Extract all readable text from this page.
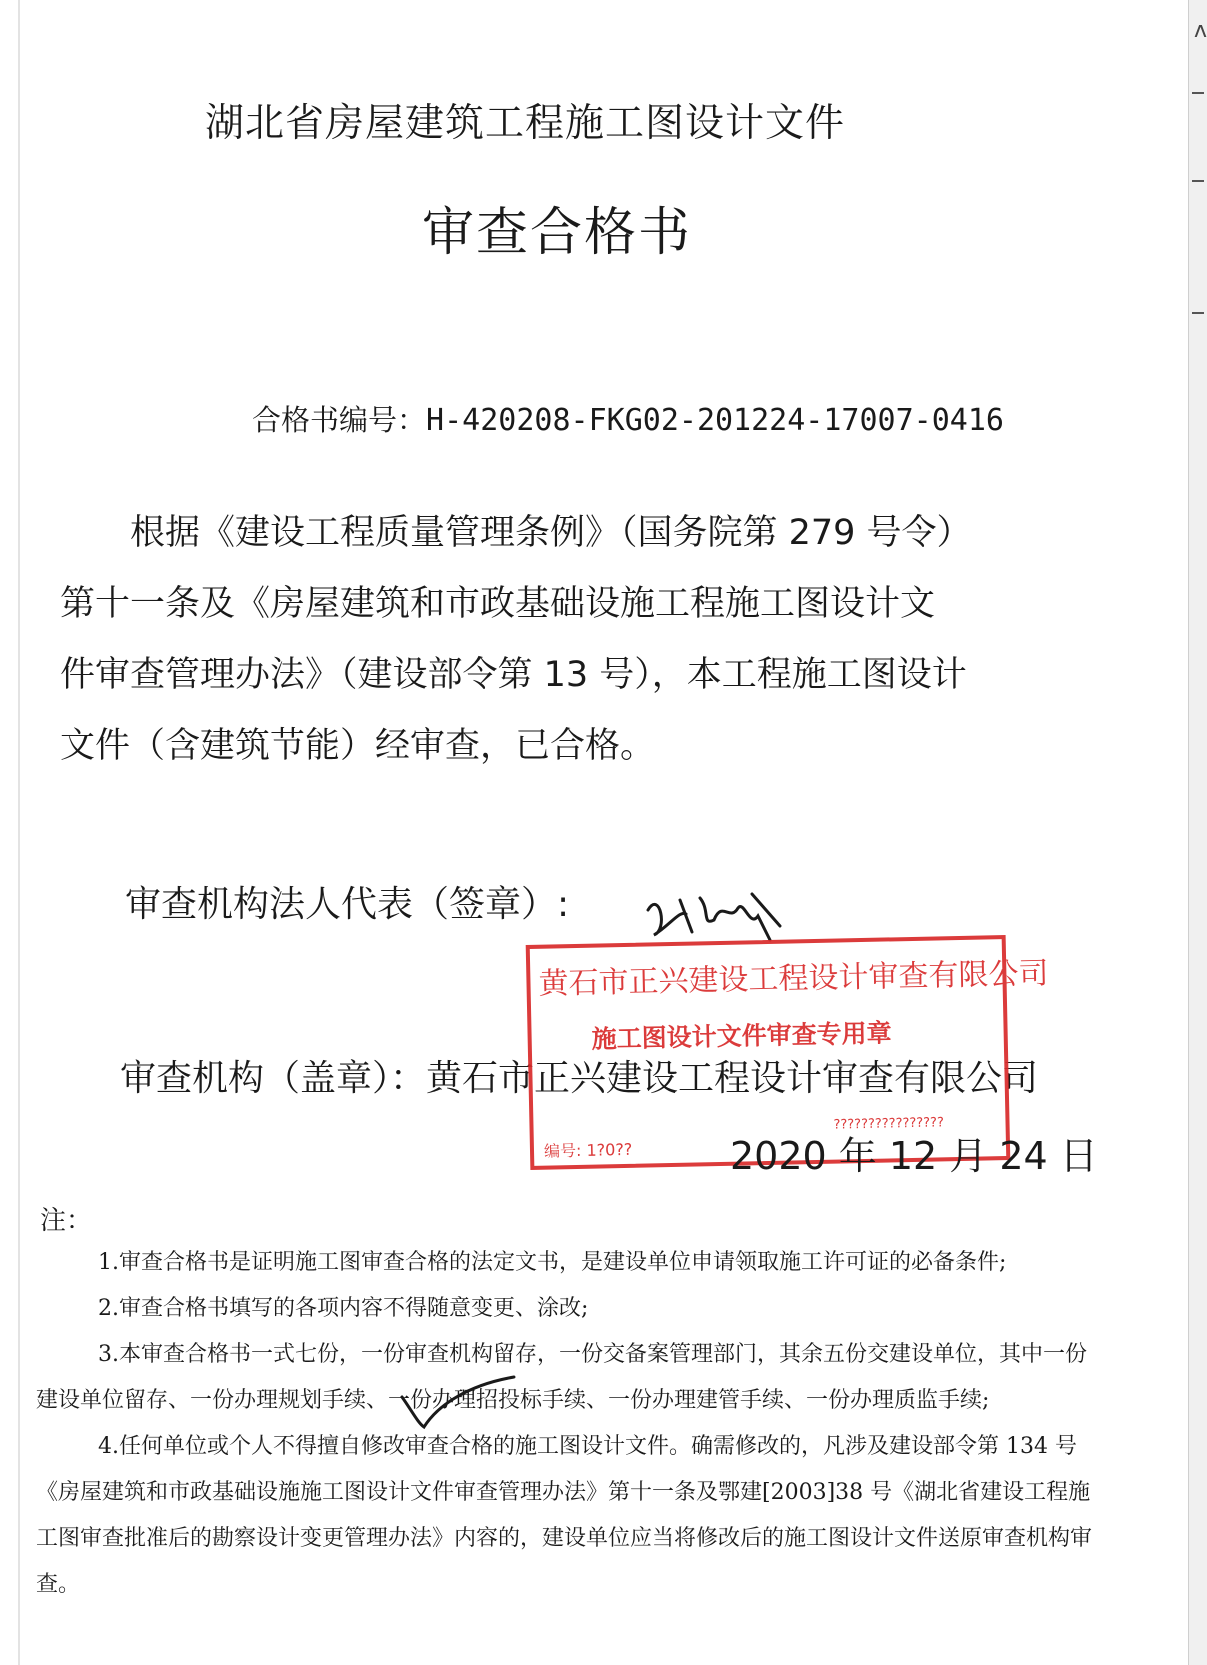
ʌ
湖北省房屋建筑工程施工图设计文件
审查合格书
合格书编号：H-420208-FKG02-201224-17007-0416
根据《建设工程质量管理条例》（国务院第 279 号令）
第十一条及《房屋建筑和市政基础设施工程施工图设计文
件审查管理办法》（建设部令第 13 号），本工程施工图设计
文件（含建筑节能）经审查，已合格。
审查机构法人代表（签章）:
审查机构（盖章）：黄石市正兴建设工程设计审查有限公司
黄石市正兴建设工程设计审查有限公司
施工图设计文件审查专用章
????????????????
编号: 1?0??	2020 年 12 月 24 日
注：
1.审查合格书是证明施工图审查合格的法定文书，是建设单位申请领取施工许可证的必备条件;
2.审查合格书填写的各项内容不得随意变更、涂改;
3.本审查合格书一式七份，一份审查机构留存，一份交备案管理部门，其余五份交建设单位，其中一份建设单位留存、一份办理规划手续、一份办理招投标手续、一份办理建管手续、一份办理质监手续;
4.任何单位或个人不得擅自修改审查合格的施工图设计文件。确需修改的，凡涉及建设部令第 134 号《房屋建筑和市政基础设施施工图设计文件审查管理办法》第十一条及鄂建[2003]38 号《湖北省建设工程施工图审查批准后的勘察设计变更管理办法》内容的，建设单位应当将修改后的施工图设计文件送原审查机构审查。
